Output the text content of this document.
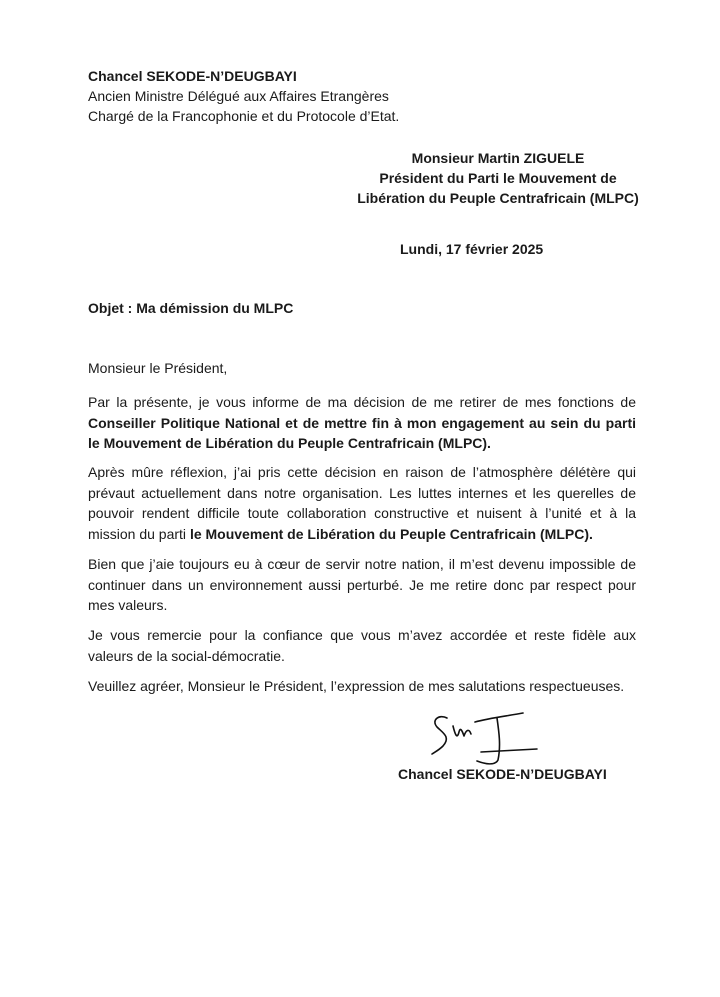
Chancel SEKODE-N’DEUGBAYI
Ancien Ministre Délégué aux Affaires Etrangères
Chargé de la Francophonie et du Protocole d’Etat.
Monsieur Martin ZIGUELE
Président du Parti le Mouvement de
Libération du Peuple Centrafricain (MLPC)
Lundi, 17 février 2025
Objet : Ma démission du MLPC
Monsieur le Président,
Par la présente, je vous informe de ma décision de me retirer de mes fonctions de Conseiller Politique National et de mettre fin à mon engagement au sein du parti le Mouvement de Libération du Peuple Centrafricain (MLPC).
Après mûre réflexion, j’ai pris cette décision en raison de l’atmosphère délétère qui prévaut actuellement dans notre organisation. Les luttes internes et les querelles de pouvoir rendent difficile toute collaboration constructive et nuisent à l’unité et à la mission du parti le Mouvement de Libération du Peuple Centrafricain (MLPC).
Bien que j’aie toujours eu à cœur de servir notre nation, il m’est devenu impossible de continuer dans un environnement aussi perturbé. Je me retire donc par respect pour mes valeurs.
Je vous remercie pour la confiance que vous m’avez accordée et reste fidèle aux valeurs de la social-démocratie.
Veuillez agréer, Monsieur le Président, l’expression de mes salutations respectueuses.
Chancel SEKODE-N’DEUGBAYI
